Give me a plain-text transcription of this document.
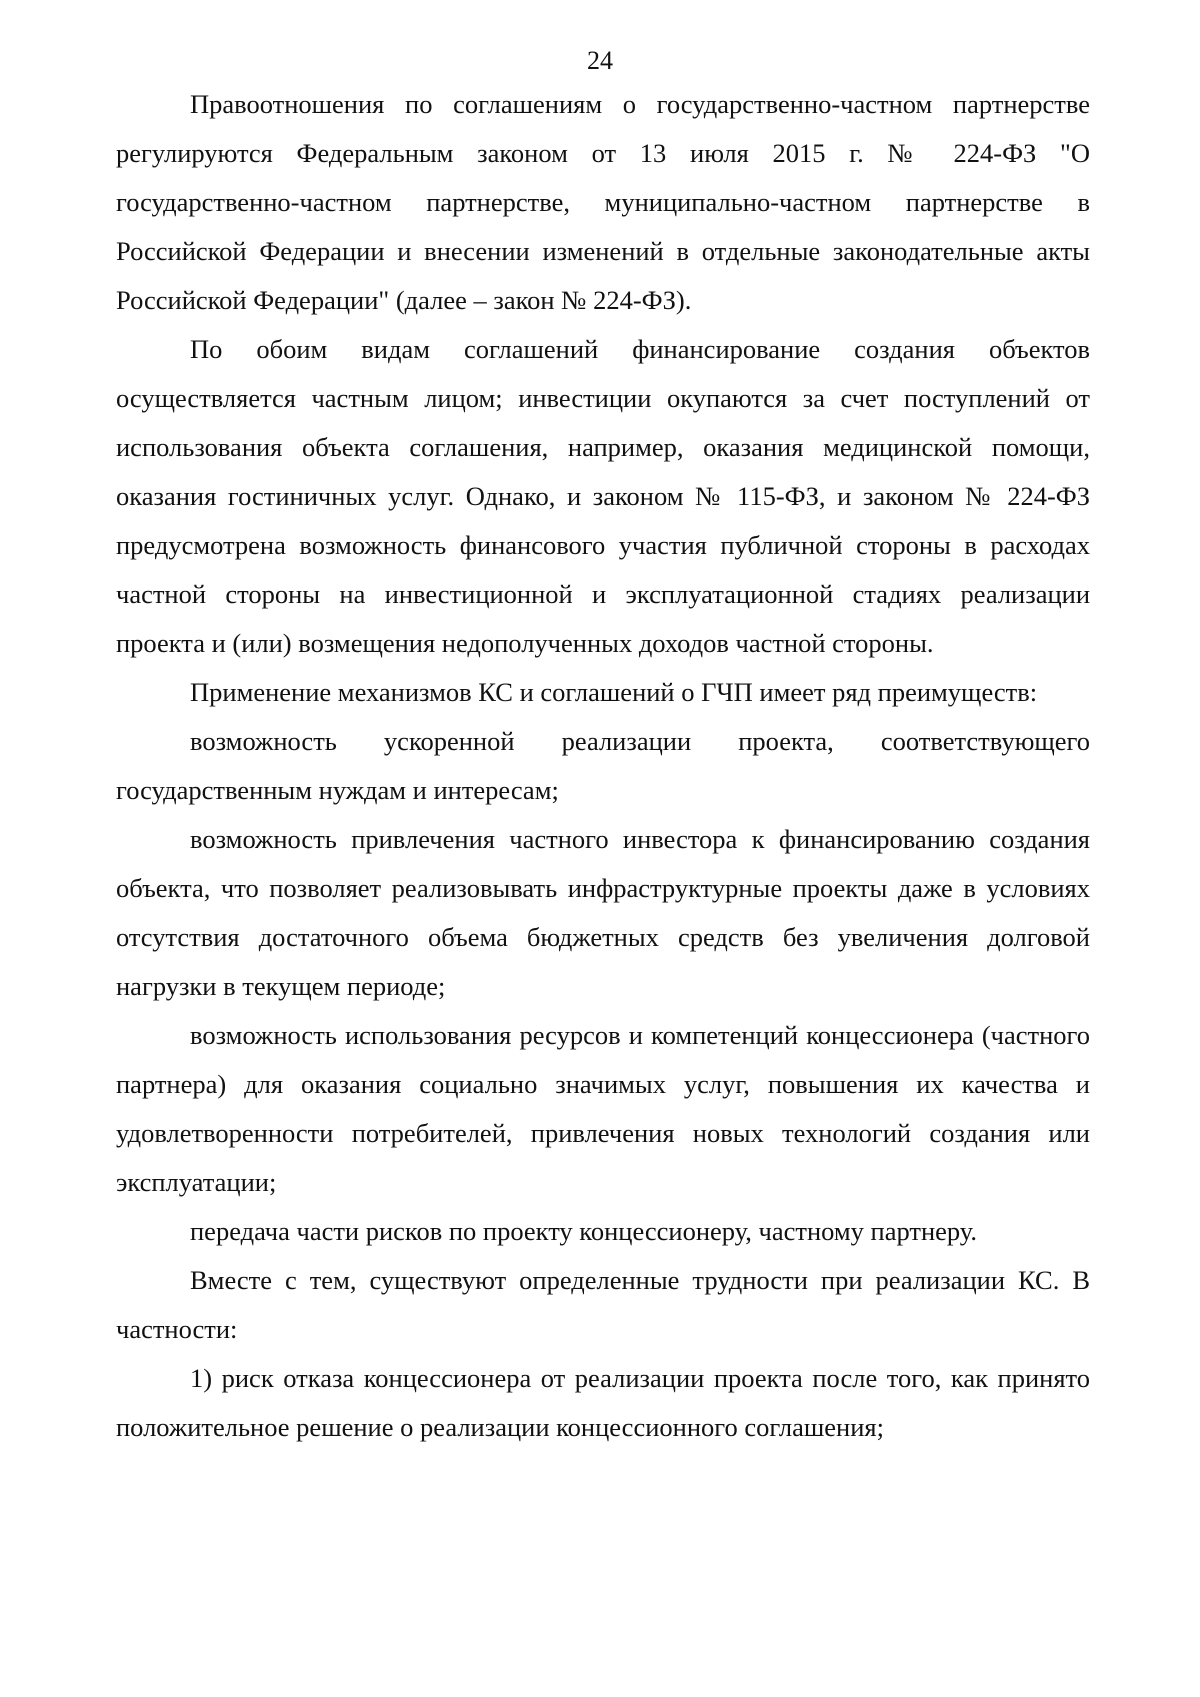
24

Правоотношения по соглашениям о государственно-частном партнерстве регулируются Федеральным законом от 13 июля 2015 г. № 224-ФЗ "О государственно-частном партнерстве, муниципально-частном партнерстве в Российской Федерации и внесении изменений в отдельные законодательные акты Российской Федерации" (далее – закон № 224-ФЗ).

По обоим видам соглашений финансирование создания объектов осуществляется частным лицом; инвестиции окупаются за счет поступлений от использования объекта соглашения, например, оказания медицинской помощи, оказания гостиничных услуг. Однако, и законом № 115-ФЗ, и законом № 224-ФЗ предусмотрена возможность финансового участия публичной стороны в расходах частной стороны на инвестиционной и эксплуатационной стадиях реализации проекта и (или) возмещения недополученных доходов частной стороны.

Применение механизмов КС и соглашений о ГЧП имеет ряд преимуществ:

возможность ускоренной реализации проекта, соответствующего государственным нуждам и интересам;

возможность привлечения частного инвестора к финансированию создания объекта, что позволяет реализовывать инфраструктурные проекты даже в условиях отсутствия достаточного объема бюджетных средств без увеличения долговой нагрузки в текущем периоде;

возможность использования ресурсов и компетенций концессионера (частного партнера) для оказания социально значимых услуг, повышения их качества и удовлетворенности потребителей, привлечения новых технологий создания или эксплуатации;

передача части рисков по проекту концессионеру, частному партнеру.

Вместе с тем, существуют определенные трудности при реализации КС. В частности:

1) риск отказа концессионера от реализации проекта после того, как принято положительное решение о реализации концессионного соглашения;
